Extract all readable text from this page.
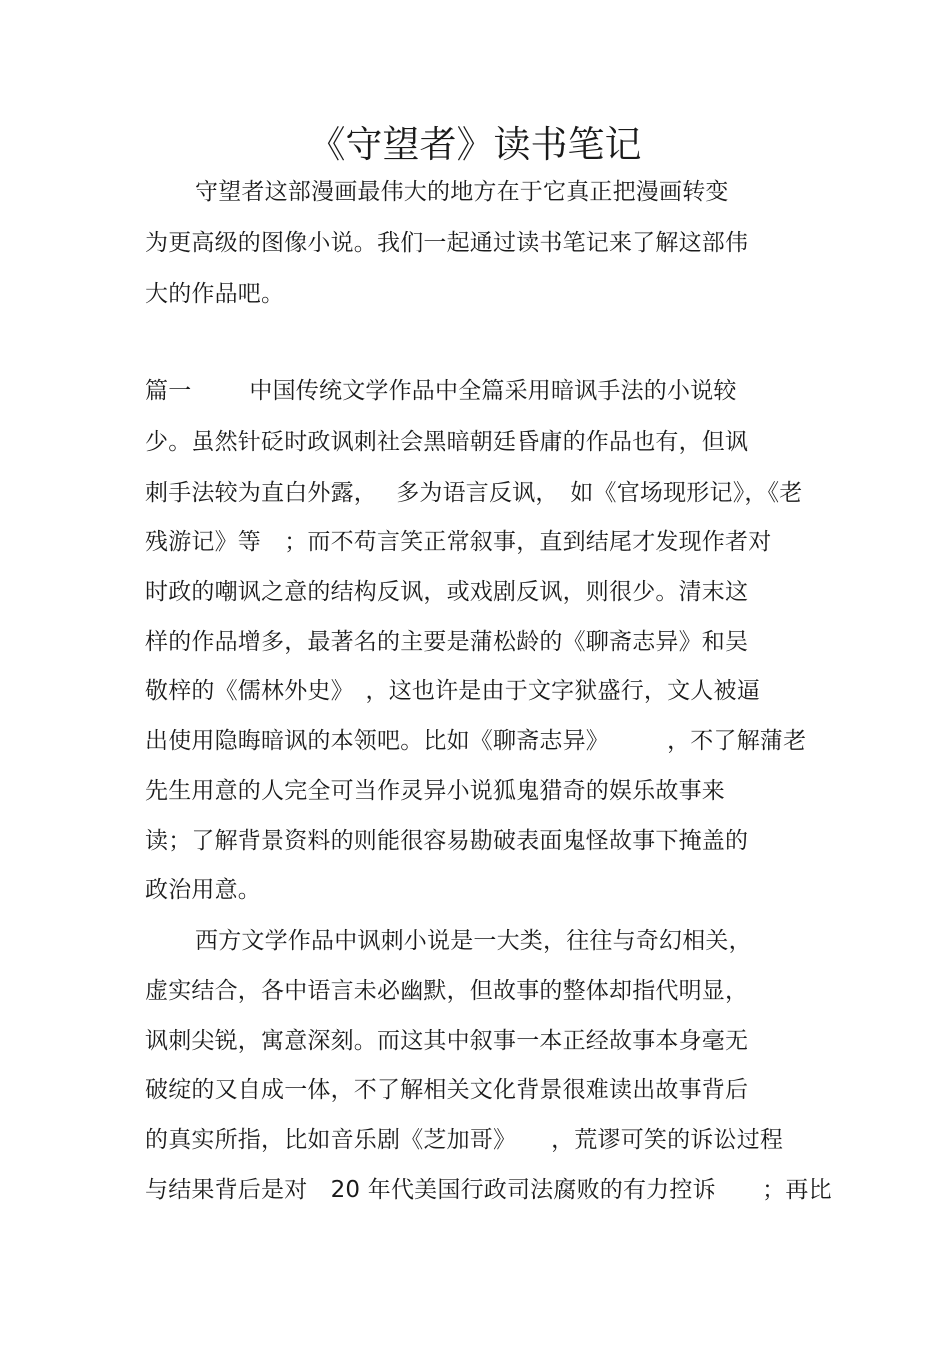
《守望者》读书笔记
守望者这部漫画最伟大的地方在于它真正把漫画转变
为更高级的图像小说。我们一起通过读书笔记来了解这部伟
大的作品吧。
篇一	中国传统文学作品中全篇采用暗讽手法的小说较
少。虽然针砭时政讽刺社会黑暗朝廷昏庸的作品也有，但讽
刺手法较为直白外露，　 多为语言反讽，　如《官场现形记》，《老
残游记》等　；而不苟言笑正常叙事，直到结尾才发现作者对
时政的嘲讽之意的结构反讽，或戏剧反讽，则很少。清末这
样的作品增多，最著名的主要是蒲松龄的《聊斋志异》和吴
敬梓的《儒林外史》　，这也许是由于文字狱盛行，文人被逼
出使用隐晦暗讽的本领吧。比如《聊斋志异》　　　，不了解蒲老
先生用意的人完全可当作灵异小说狐鬼猎奇的娱乐故事来
读；了解背景资料的则能很容易勘破表面鬼怪故事下掩盖的
政治用意。
西方文学作品中讽刺小说是一大类，往往与奇幻相关，
虚实结合，各中语言未必幽默，但故事的整体却指代明显，
讽刺尖锐，寓意深刻。而这其中叙事一本正经故事本身毫无
破绽的又自成一体，不了解相关文化背景很难读出故事背后
的真实所指，比如音乐剧《芝加哥》　　，荒谬可笑的诉讼过程
与结果背后是对　20 年代美国行政司法腐败的有力控诉　　；再比
